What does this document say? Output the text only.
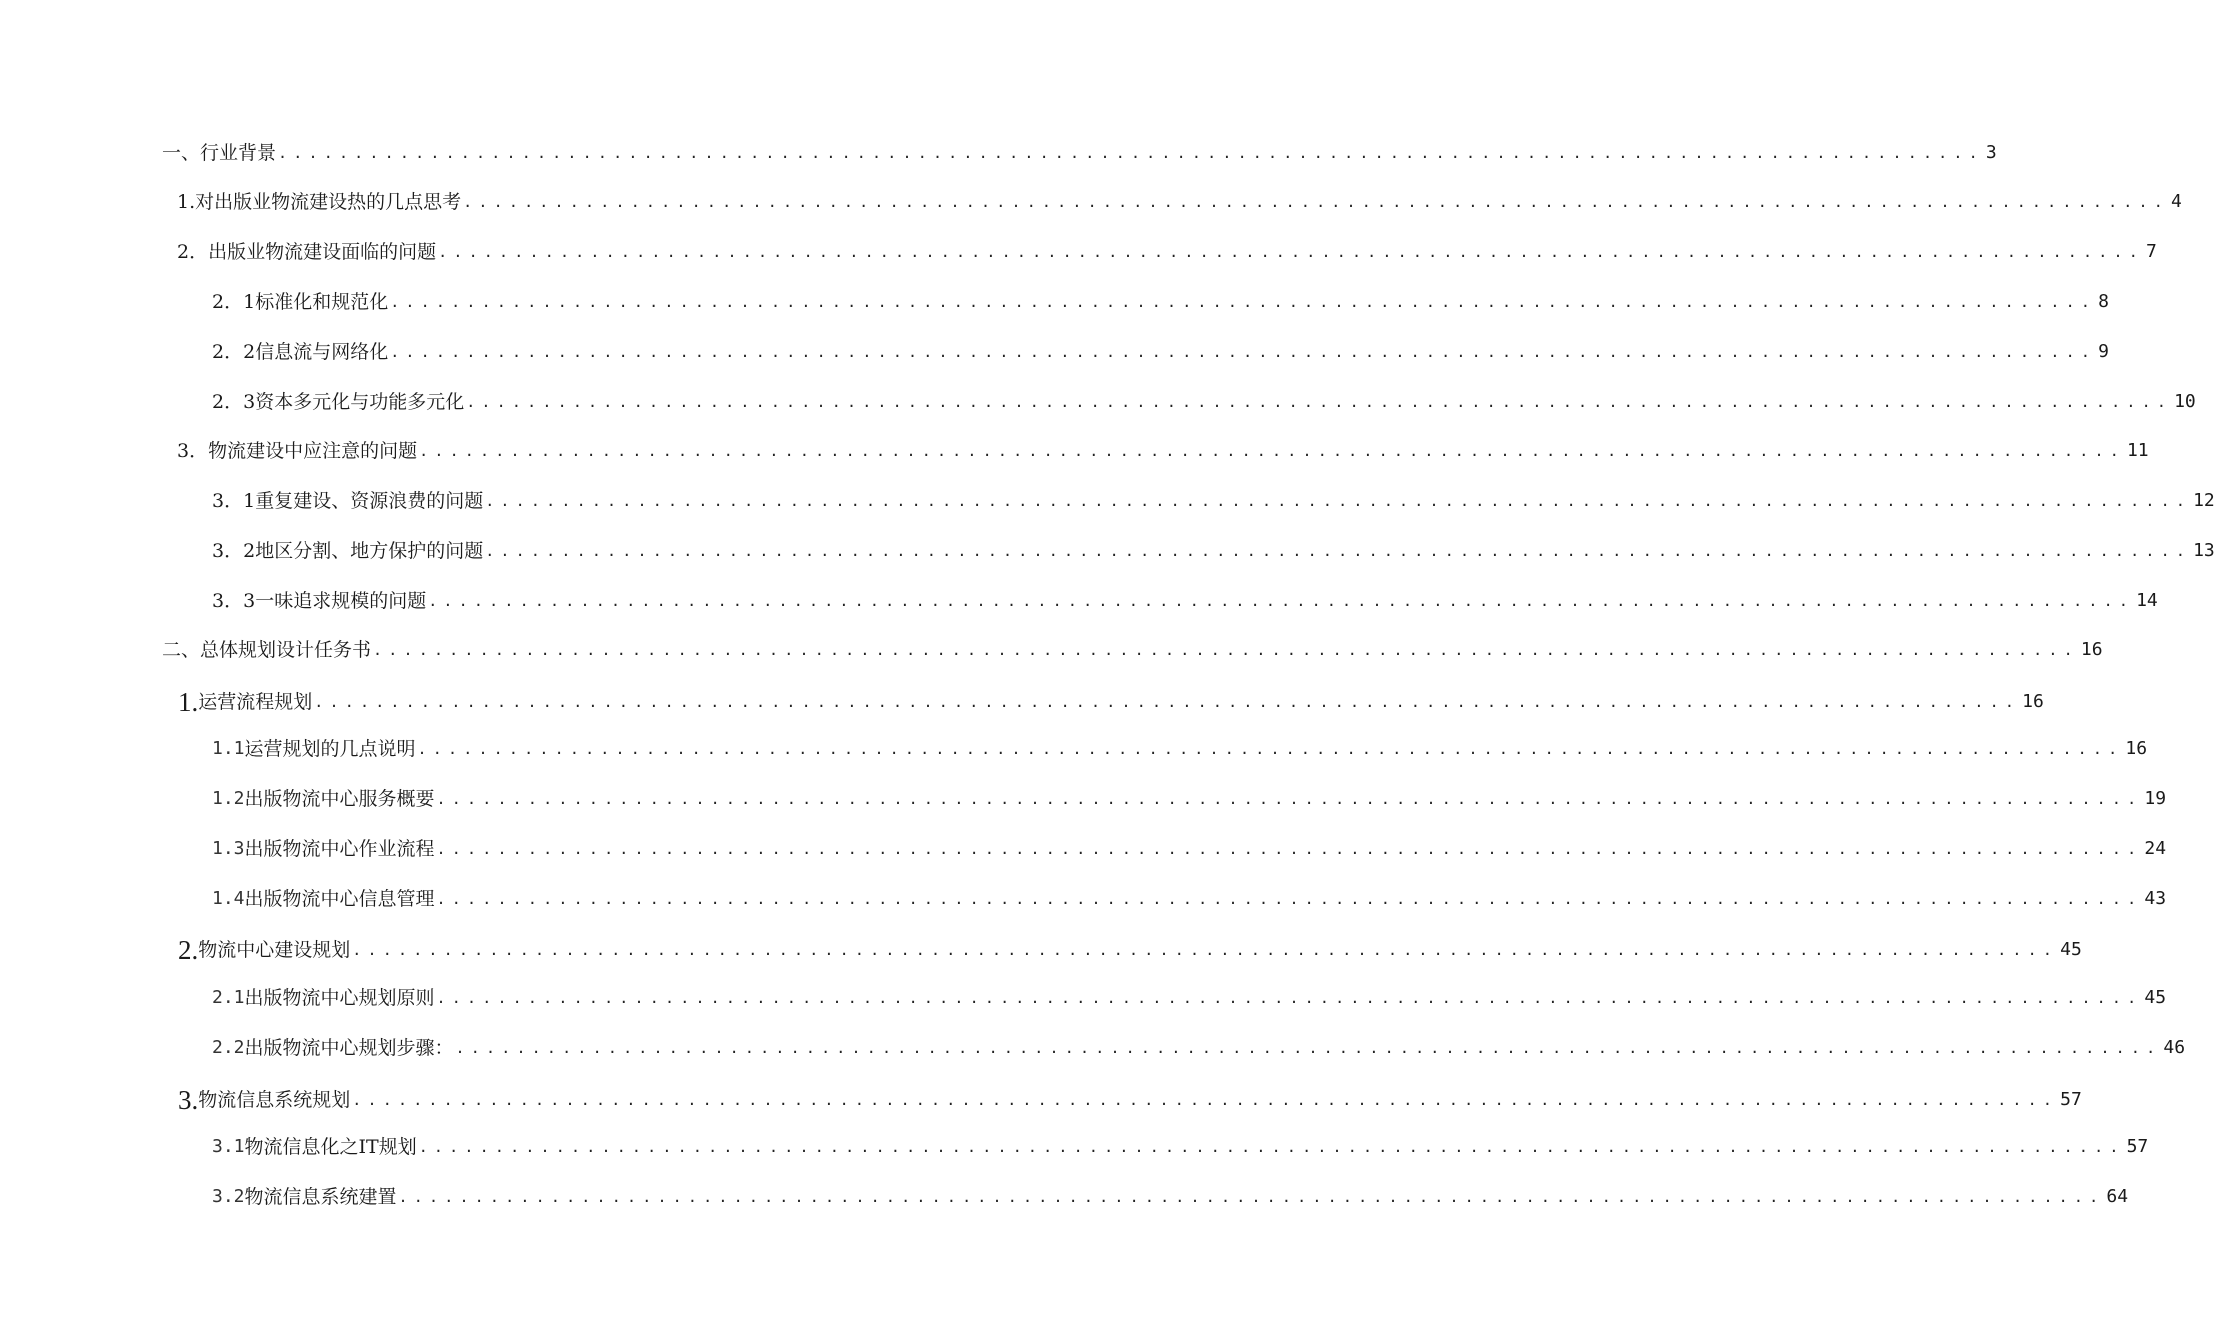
一、 行业背景 ................................................................................................................ 3
1. 对出版业物流建设热的几点思考 ................................................................................................................ 4
2． 出版业物流建设面临的问题 ................................................................................................................ 7
2．1 标准化和规范化 ................................................................................................................ 8
2．2 信息流与网络化 ................................................................................................................ 9
2．3 资本多元化与功能多元化 ................................................................................................................ 10
3． 物流建设中应注意的问题 ................................................................................................................ 11
3．1 重复建设、资源浪费的问题 ................................................................................................................ 12
3．2 地区分割、地方保护的问题 ................................................................................................................ 13
3．3 一味追求规模的问题 ................................................................................................................ 14
二、 总体规划设计任务书 ................................................................................................................ 16
1. 运营流程规划 ................................................................................................................ 16
1.1 运营规划的几点说明 ................................................................................................................ 16
1.2 出版物流中心服务概要 ................................................................................................................ 19
1.3 出版物流中心作业流程 ................................................................................................................ 24
1.4 出版物流中心信息管理 ................................................................................................................ 43
2. 物流中心建设规划 ................................................................................................................ 45
2.1 出版物流中心规划原则 ................................................................................................................ 45
2.2 出版物流中心规划步骤： ................................................................................................................ 46
3. 物流信息系统规划 ................................................................................................................ 57
3.1 物流信息化之IT规划 ................................................................................................................ 57
3.2 物流信息系统建置 ................................................................................................................ 64
